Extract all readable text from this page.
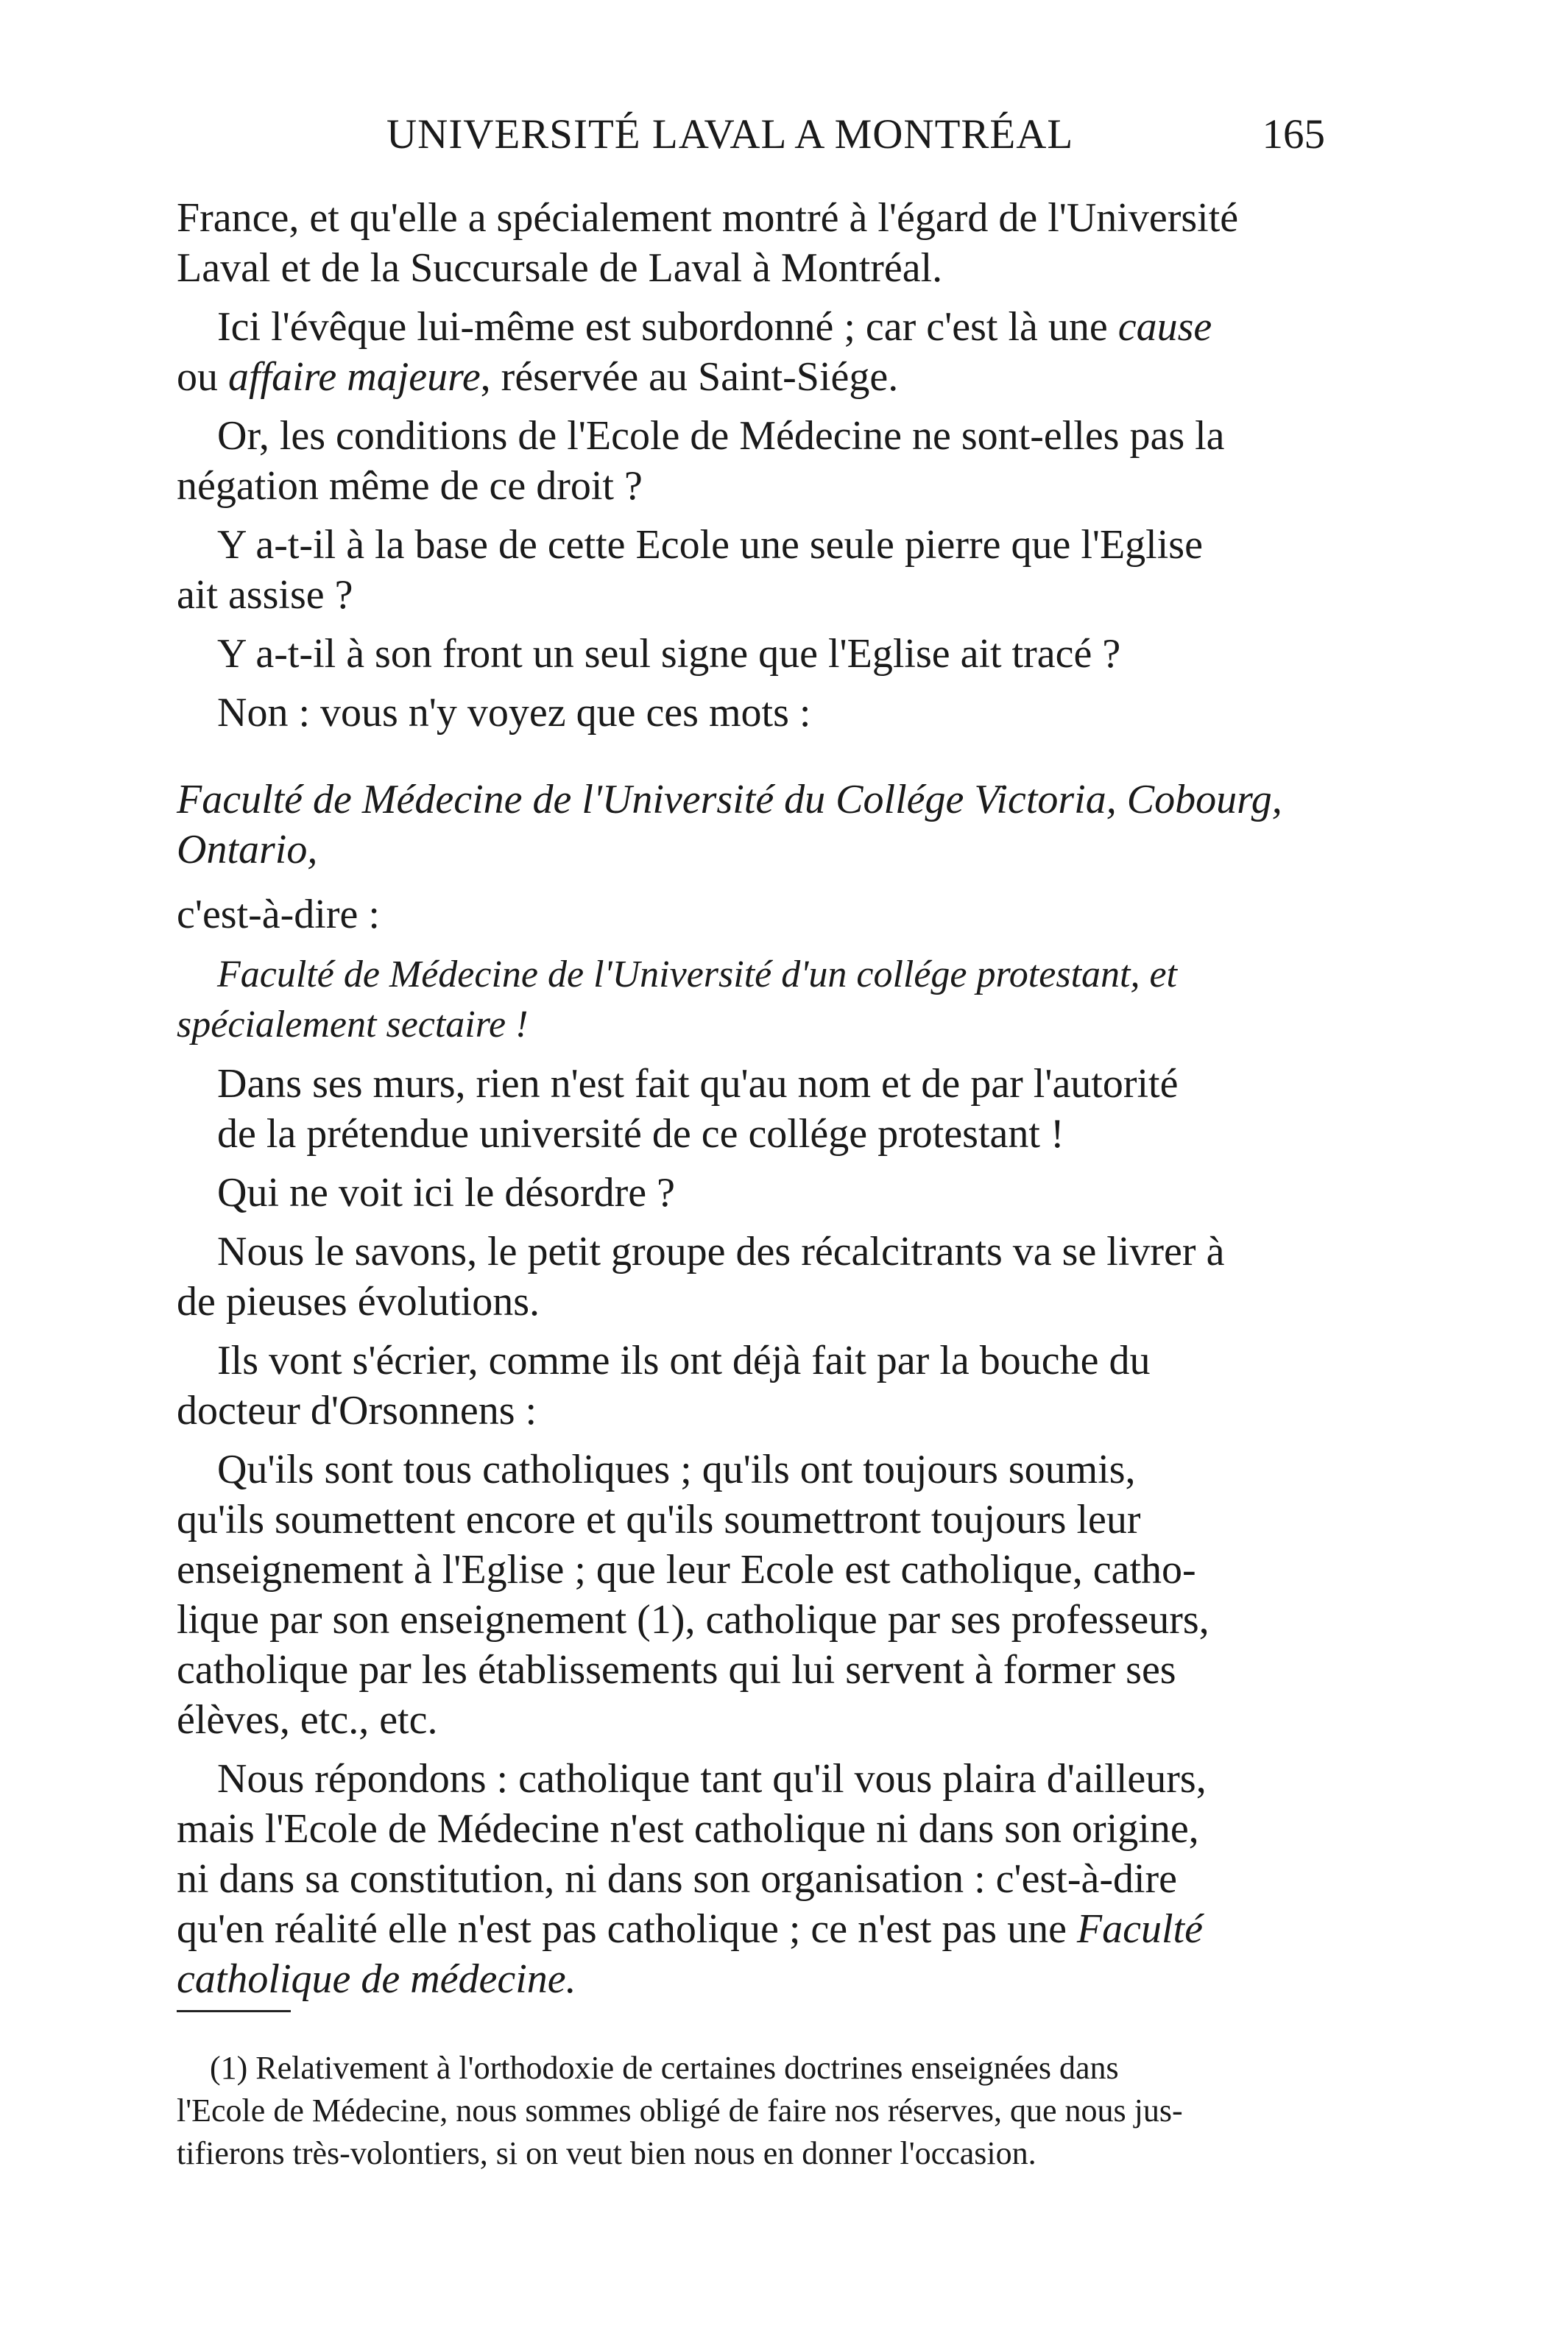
UNIVERSITÉ LAVAL A MONTRÉAL	165
France, et qu'elle a spécialement montré à l'égard de l'Université
Laval et de la Succursale de Laval à Montréal.
Ici l'évêque lui-même est subordonné ; car c'est là une cause
ou affaire majeure, réservée au Saint-Siége.
Or, les conditions de l'Ecole de Médecine ne sont-elles pas la
négation même de ce droit ?
Y a-t-il à la base de cette Ecole une seule pierre que l'Eglise
ait assise ?
Y a-t-il à son front un seul signe que l'Eglise ait tracé ?
Non : vous n'y voyez que ces mots :
Faculté de Médecine de l'Université du Collége Victoria, Cobourg,
Ontario,
c'est-à-dire :
Faculté de Médecine de l'Université d'un collége protestant, et
spécialement sectaire !
Dans ses murs, rien n'est fait qu'au nom et de par l'autorité
de la prétendue université de ce collége protestant !
Qui ne voit ici le désordre ?
Nous le savons, le petit groupe des récalcitrants va se livrer à
de pieuses évolutions.
Ils vont s'écrier, comme ils ont déjà fait par la bouche du
docteur d'Orsonnens :
Qu'ils sont tous catholiques ; qu'ils ont toujours soumis,
qu'ils soumettent encore et qu'ils soumettront toujours leur
enseignement à l'Eglise ; que leur Ecole est catholique, catho-
lique par son enseignement (1), catholique par ses professeurs,
catholique par les établissements qui lui servent à former ses
élèves, etc., etc.
Nous répondons : catholique tant qu'il vous plaira d'ailleurs,
mais l'Ecole de Médecine n'est catholique ni dans son origine,
ni dans sa constitution, ni dans son organisation : c'est-à-dire
qu'en réalité elle n'est pas catholique ; ce n'est pas une Faculté
catholique de médecine.
(1) Relativement à l'orthodoxie de certaines doctrines enseignées dans
l'Ecole de Médecine, nous sommes obligé de faire nos réserves, que nous jus-
tifierons très-volontiers, si on veut bien nous en donner l'occasion.
